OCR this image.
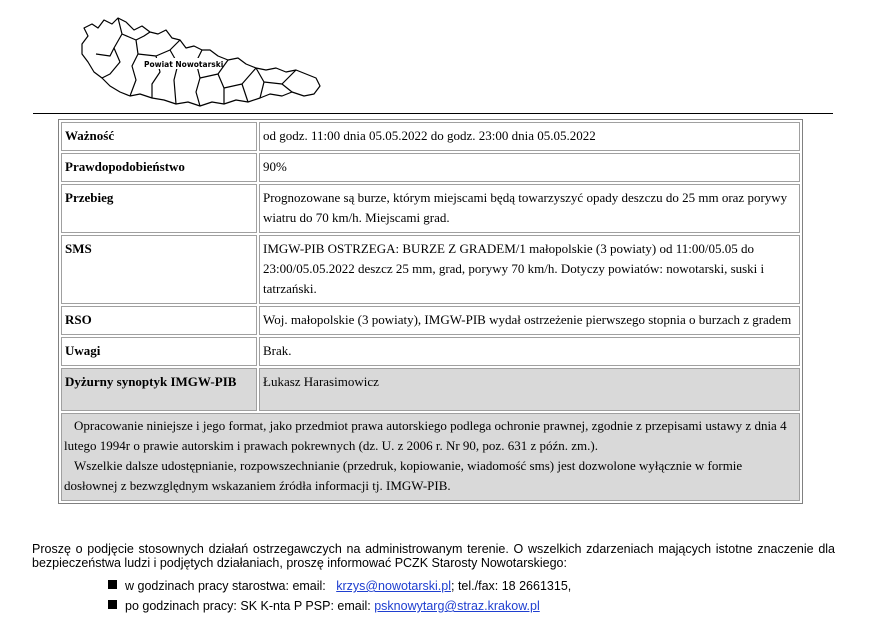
Powiat Nowotarski
Ważność	od godz. 11:00 dnia 05.05.2022 do godz. 23:00 dnia 05.05.2022
Prawdopodobieństwo	90%
Przebieg	Prognozowane są burze, którym miejscami będą towarzyszyć opady deszczu do 25 mm oraz porywy wiatru do 70 km/h. Miejscami grad.
SMS	IMGW-PIB OSTRZEGA: BURZE Z GRADEM/1 małopolskie (3 powiaty) od 11:00/05.05 do 23:00/05.05.2022 deszcz 25 mm, grad, porywy 70 km/h. Dotyczy powiatów: nowotarski, suski i tatrzański.
RSO	Woj. małopolskie (3 powiaty), IMGW-PIB wydał ostrzeżenie pierwszego stopnia o burzach z gradem
Uwagi	Brak.
Dyżurny synoptyk IMGW-PIB	Łukasz Harasimowicz

Opracowanie niniejsze i jego format, jako przedmiot prawa autorskiego podlega ochronie prawnej, zgodnie z przepisami ustawy z dnia 4 lutego 1994r o prawie autorskim i prawach pokrewnych (dz. U. z 2006 r. Nr 90, poz. 631 z późn. zm.).

Wszelkie dalsze udostępnianie, rozpowszechnianie (przedruk, kopiowanie, wiadomość sms) jest dozwolone wyłącznie w formie dosłownej z bezwzględnym wskazaniem źródła informacji tj. IMGW-PIB.	

Proszę o podjęcie stosownych działań ostrzegawczych na administrowanym terenie. O wszelkich zdarzeniach mających istotne znaczenie dla bezpieczeństwa ludzi i podjętych działaniach, proszę informować PCZK Starosty Nowotarskiego:

w godzinach pracy starostwa: email: krzys@nowotarski.pl; tel./fax: 18 2661315,
po godzinach pracy: SK K-nta P PSP: email: psknowytarg@straz.krakow.pl
